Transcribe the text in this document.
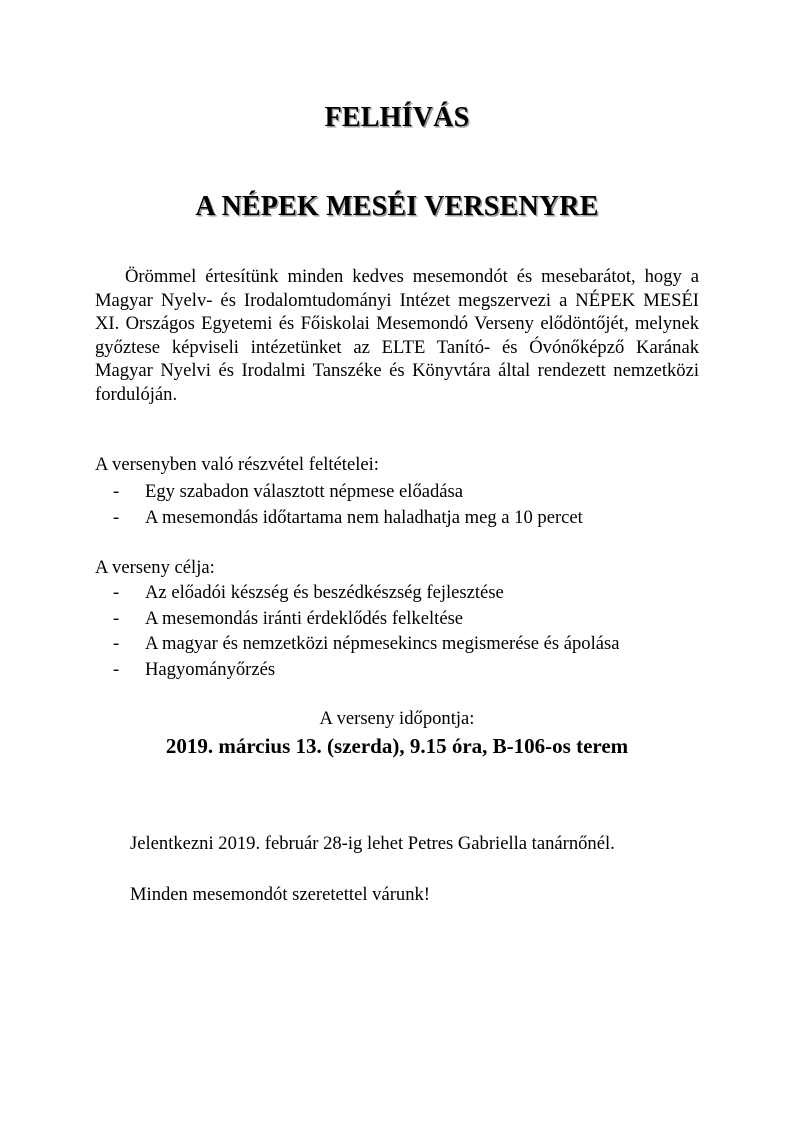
FELHÍVÁS
A NÉPEK MESÉI VERSENYRE
Örömmel értesítünk minden kedves mesemondót és mesebarátot, hogy a Magyar Nyelv- és Irodalomtudományi Intézet megszervezi a NÉPEK MESÉI XI. Országos Egyetemi és Főiskolai Mesemondó Verseny elődöntőjét, melynek győztese képviseli intézetünket az ELTE Tanító- és Óvónőképző Karának Magyar Nyelvi és Irodalmi Tanszéke és Könyvtára által rendezett nemzetközi fordulóján.
A versenyben való részvétel feltételei:
- Egy szabadon választott népmese előadása
- A mesemondás időtartama nem haladhatja meg a 10 percet
A verseny célja:
- Az előadói készség és beszédkészség fejlesztése
- A mesemondás iránti érdeklődés felkeltése
- A magyar és nemzetközi népmesekincs megismerése és ápolása
- Hagyományőrzés
A verseny időpontja:
2019. március 13. (szerda), 9.15 óra, B-106-os terem
Jelentkezni 2019. február 28-ig lehet Petres Gabriella tanárnőnél.
Minden mesemondót szeretettel várunk!
